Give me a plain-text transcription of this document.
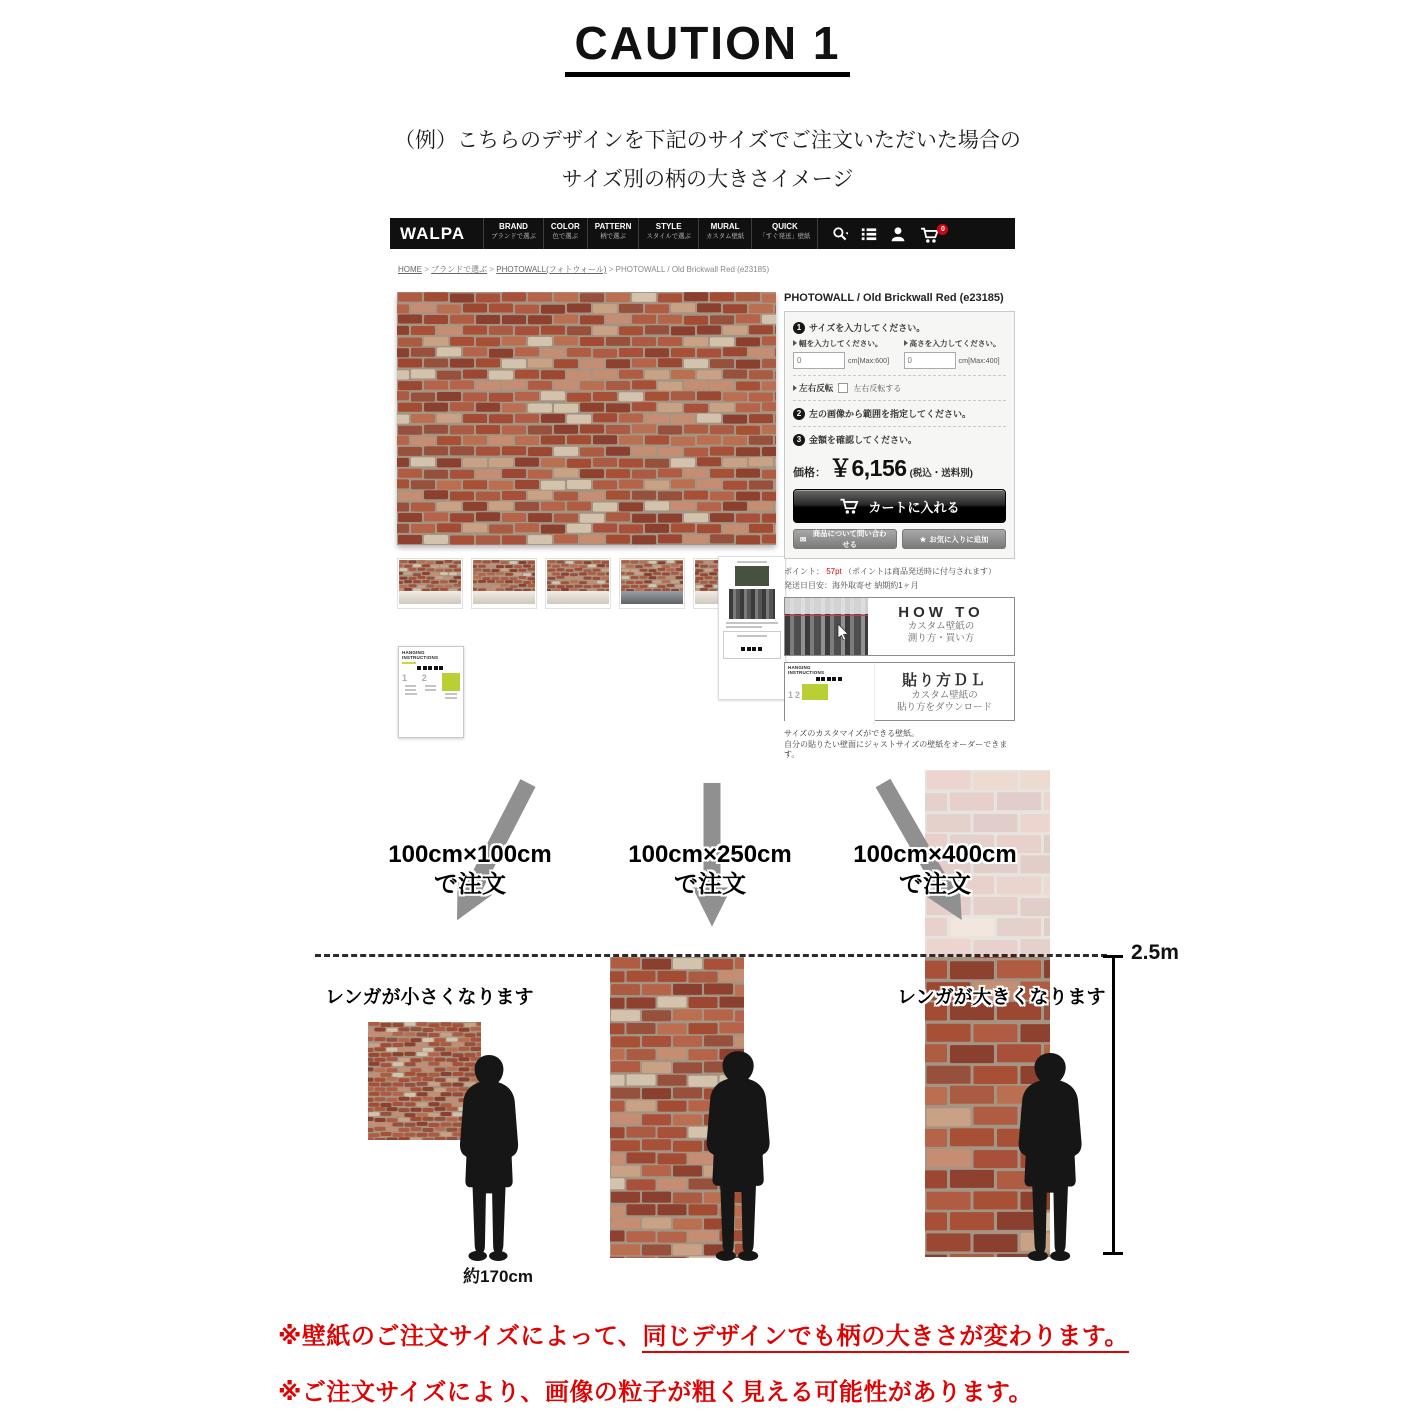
CAUTION 1
（例）こちらのデザインを下記のサイズでご注文いただいた場合の
サイズ別の柄の大きさイメージ
WALPA	BRAND
ブランドで選ぶ
COLOR
色で選ぶ
PATTERN
柄で選ぶ
STYLE
スタイルで選ぶ
MURAL
カスタム壁紙
QUICK
「すぐ発送」壁紙
0
HOME > ブランドで選ぶ > PHOTOWALL(フォトウォール) > PHOTOWALL / Old Brickwall Red (e23185)
HANGING
INSTRUCTIONS
1	2
PHOTOWALL / Old Brickwall Red (e23185)
1 サイズを入力してください。
幅を入力してください。
0
cm[Max:600]
高さを入力してください。
0
cm[Max:400]
左右反転	左右反転する
2 左の画像から範囲を指定してください。
3 金額を確認してください。
価格： ￥6,156 (税込・送料別)
カートに入れる
✉
商品について問い合わせる
★ お気に入りに追加
ポイント： 57pt （ポイントは商品発送時に付与されます）
発送日目安：海外取寄せ 納期約1ヶ月
HOW TO
カスタム壁紙の
測り方・買い方
HANGING
INSTRUCTIONS
1 2
貼り方ＤＬ
カスタム壁紙の
貼り方をダウンロード
サイズのカスタマイズができる壁紙。
自分の貼りたい壁面にジャストサイズの壁紙をオーダーできま
す。
100cm×100cm
で注文
100cm×250cm
で注文
100cm×400cm
で注文
2.5m
レンガが小さくなります	レンガが大きくなります
約170cm
※壁紙のご注文サイズによって、同じデザインでも柄の大きさが変わります。
※ご注文サイズにより、画像の粒子が粗く見える可能性があります。
